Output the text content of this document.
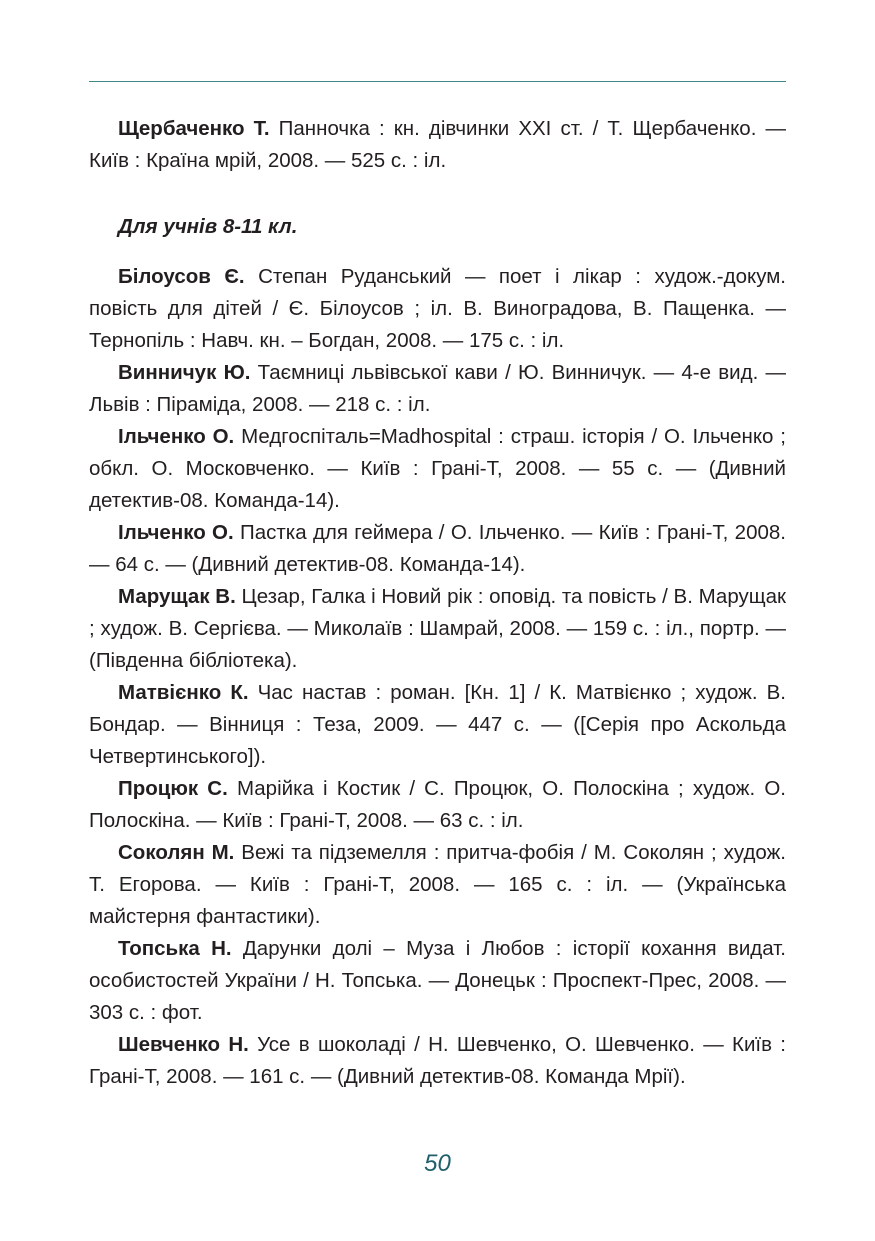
Щербаченко Т. Панночка : кн. дівчинки XXI ст. / Т. Щербаченко. — Київ : Країна мрій, 2008. — 525 с. : іл.

Для учнів 8-11 кл.

Білоусов Є. Степан Руданський — поет і лікар : худож.-докум. повість для дітей / Є. Білоусов ; іл. В. Виноградова, В. Пащенка. — Тернопіль : Навч. кн. – Богдан, 2008. — 175 с. : іл.

Винничук Ю. Таємниці львівської кави / Ю. Винничук. — 4-е вид. — Львів : Піраміда, 2008. — 218 с. : іл.

Ільченко О. Медгоспіталь=Madhospital : страш. історія / О. Ільченко ; обкл. О. Московченко. — Київ : Грані-Т, 2008. — 55 с. — (Дивний детектив-08. Команда-14).

Ільченко О. Пастка для геймера / О. Ільченко. — Київ : Грані-Т, 2008. — 64 с. — (Дивний детектив-08. Команда-14).

Марущак В. Цезар, Галка і Новий рік : оповід. та повість / В. Марущак ; худож. В. Сергієва. — Миколаїв : Шамрай, 2008. — 159 с. : іл., портр. — (Південна бібліотека).

Матвієнко К. Час настав : роман. [Кн. 1] / К. Матвієнко ; худож. В. Бондар. — Вінниця : Теза, 2009. — 447 с. — ([Серія про Аскольда Четвертинського]).

Процюк С. Марійка і Костик / С. Процюк, О. Полоскіна ; худож. О. Полоскіна. — Київ : Грані-Т, 2008. — 63 с. : іл.

Соколян М. Вежі та підземелля : притча-фобія / М. Соколян ; худож. Т. Егорова. — Київ : Грані-Т, 2008. — 165 с. : іл. — (Українська майстерня фантастики).

Топська Н. Дарунки долі – Муза і Любов : історії кохання видат. особистостей України / Н. Топська. — Донецьк : Проспект-Прес, 2008. — 303 с. : фот.

Шевченко Н. Усе в шоколаді / Н. Шевченко, О. Шевченко. — Київ : Грані-Т, 2008. — 161 с. — (Дивний детектив-08. Команда Мрії).

50
